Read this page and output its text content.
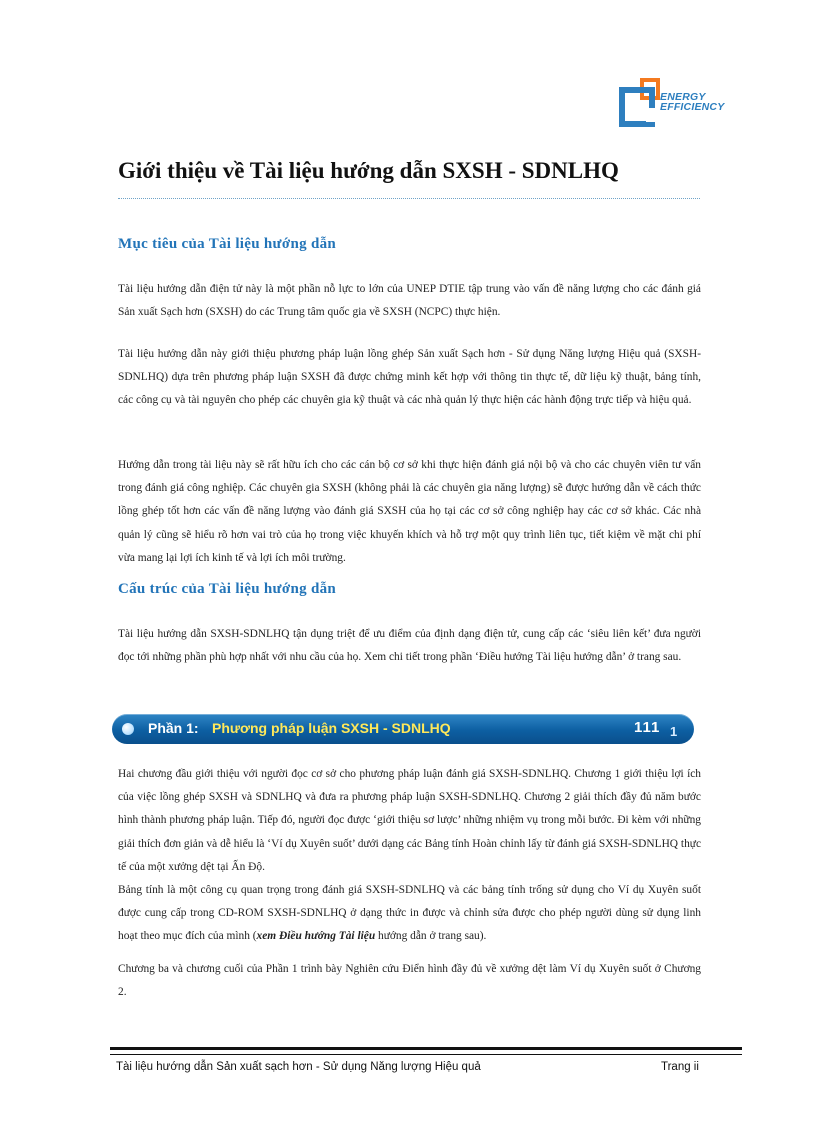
ENERGY
EFFICIENCY
Giới thiệu về Tài liệu hướng dẫn SXSH - SDNLHQ
Mục tiêu của Tài liệu hướng dẫn

Tài liệu hướng dẫn điện tử này là một phần nỗ lực to lớn của UNEP DTIE tập trung vào vấn đề năng lượng cho các đánh giá Sản xuất Sạch hơn (SXSH) do các Trung tâm quốc gia về SXSH (NCPC) thực hiện.

Tài liệu hướng dẫn này giới thiệu phương pháp luận lồng ghép Sản xuất Sạch hơn - Sử dụng Năng lượng Hiệu quả (SXSH-SDNLHQ) dựa trên phương pháp luận SXSH đã được chứng minh kết hợp với thông tin thực tế, dữ liệu kỹ thuật, bảng tính, các công cụ và tài nguyên cho phép các chuyên gia kỹ thuật và các nhà quản lý thực hiện các hành động trực tiếp và hiệu quả.

Hướng dẫn trong tài liệu này sẽ rất hữu ích cho các cán bộ cơ sở khi thực hiện đánh giá nội bộ và cho các chuyên viên tư vấn trong đánh giá công nghiệp. Các chuyên gia SXSH (không phải là các chuyên gia năng lượng) sẽ được hướng dẫn về cách thức lồng ghép tốt hơn các vấn đề năng lượng vào đánh giá SXSH của họ tại các cơ sở công nghiệp hay các cơ sở khác. Các nhà quản lý cũng sẽ hiểu rõ hơn vai trò của họ trong việc khuyến khích và hỗ trợ một quy trình liên tục, tiết kiệm về mặt chi phí vừa mang lại lợi ích kinh tế và lợi ích môi trường.

Cấu trúc của Tài liệu hướng dẫn

Tài liệu hướng dẫn SXSH-SDNLHQ tận dụng triệt để ưu điểm của định dạng điện tử, cung cấp các ‘siêu liên kết’ đưa người đọc tới những phần phù hợp nhất với nhu cầu của họ. Xem chi tiết trong phần ‘Điều hướng Tài liệu hướng dẫn’ ở trang sau.

Phần 1: Phương pháp luận SXSH - SDNLHQ	111 1

Hai chương đầu giới thiệu với người đọc cơ sở cho phương pháp luận đánh giá SXSH-SDNLHQ. Chương 1 giới thiệu lợi ích của việc lồng ghép SXSH và SDNLHQ và đưa ra phương pháp luận SXSH-SDNLHQ. Chương 2 giải thích đầy đủ năm bước hình thành phương pháp luận. Tiếp đó, người đọc được ‘giới thiệu sơ lược’ những nhiệm vụ trong mỗi bước. Đi kèm với những giải thích đơn giản và dễ hiểu là ‘Ví dụ Xuyên suốt’ dưới dạng các Bảng tính Hoàn chỉnh lấy từ đánh giá SXSH-SDNLHQ thực tế của một xưởng dệt tại Ấn Độ.

Bảng tính là một công cụ quan trọng trong đánh giá SXSH-SDNLHQ và các bảng tính trống sử dụng cho Ví dụ Xuyên suốt được cung cấp trong CD-ROM SXSH-SDNLHQ ở dạng thức in được và chỉnh sửa được cho phép người dùng sử dụng linh hoạt theo mục đích của mình (xem Điều hướng Tài liệu hướng dẫn ở trang sau).

Chương ba và chương cuối của Phần 1 trình bày Nghiên cứu Điển hình đầy đủ về xưởng dệt làm Ví dụ Xuyên suốt ở Chương 2.

Tài liệu hướng dẫn Sản xuất sạch hơn - Sử dụng Năng lượng Hiệu quả	Trang ii
